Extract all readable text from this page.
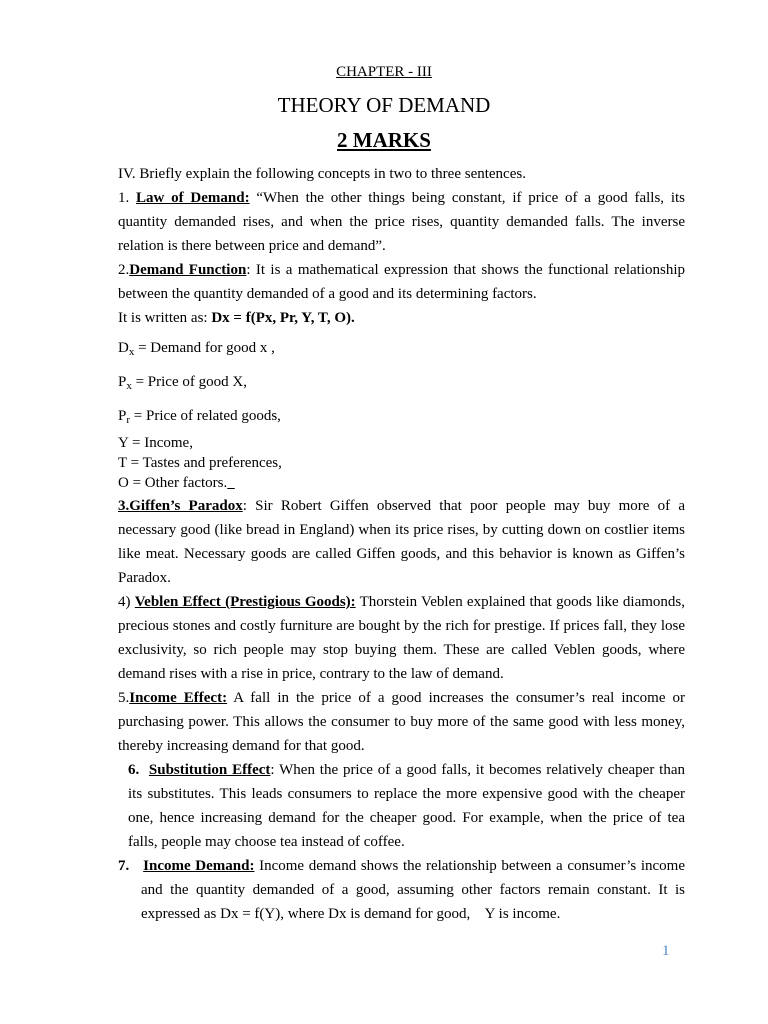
CHAPTER - III
THEORY OF DEMAND
2 MARKS

IV. Briefly explain the following concepts in two to three sentences.

1. Law of Demand: “When the other things being constant, if price of a good falls, its quantity demanded rises, and when the price rises, quantity demanded falls. The inverse relation is there between price and demand”.

2.Demand Function: It is a mathematical expression that shows the functional relationship between the quantity demanded of a good and its determining factors.

It is written as: Dx = f(Px, Pr, Y, T, O).

$D_x$ = Demand for good x ,

$P_x$ = Price of good X,

$P_r$ = Price of related goods,

Y = Income,

T = Tastes and preferences,

O = Other factors.

3.Giffen’s Paradox: Sir Robert Giffen observed that poor people may buy more of a necessary good (like bread in England) when its price rises, by cutting down on costlier items like meat. Necessary goods are called Giffen goods, and this behavior is known as Giffen’s Paradox.

4) Veblen Effect (Prestigious Goods): Thorstein Veblen explained that goods like diamonds, precious stones and costly furniture are bought by the rich for prestige. If prices fall, they lose exclusivity, so rich people may stop buying them. These are called Veblen goods, where demand rises with a rise in price, contrary to the law of demand.

5.Income Effect: A fall in the price of a good increases the consumer’s real income or purchasing power. This allows the consumer to buy more of the same good with less money, thereby increasing demand for that good.

6. Substitution Effect: When the price of a good falls, it becomes relatively cheaper than its substitutes. This leads consumers to replace the more expensive good with the cheaper one, hence increasing demand for the cheaper good. For example, when the price of tea falls, people may choose tea instead of coffee.

7. Income Demand: Income demand shows the relationship between a consumer’s income and the quantity demanded of a good, assuming other factors remain constant. It is expressed as Dx = f(Y), where Dx is demand for good,    Y is income.

1
